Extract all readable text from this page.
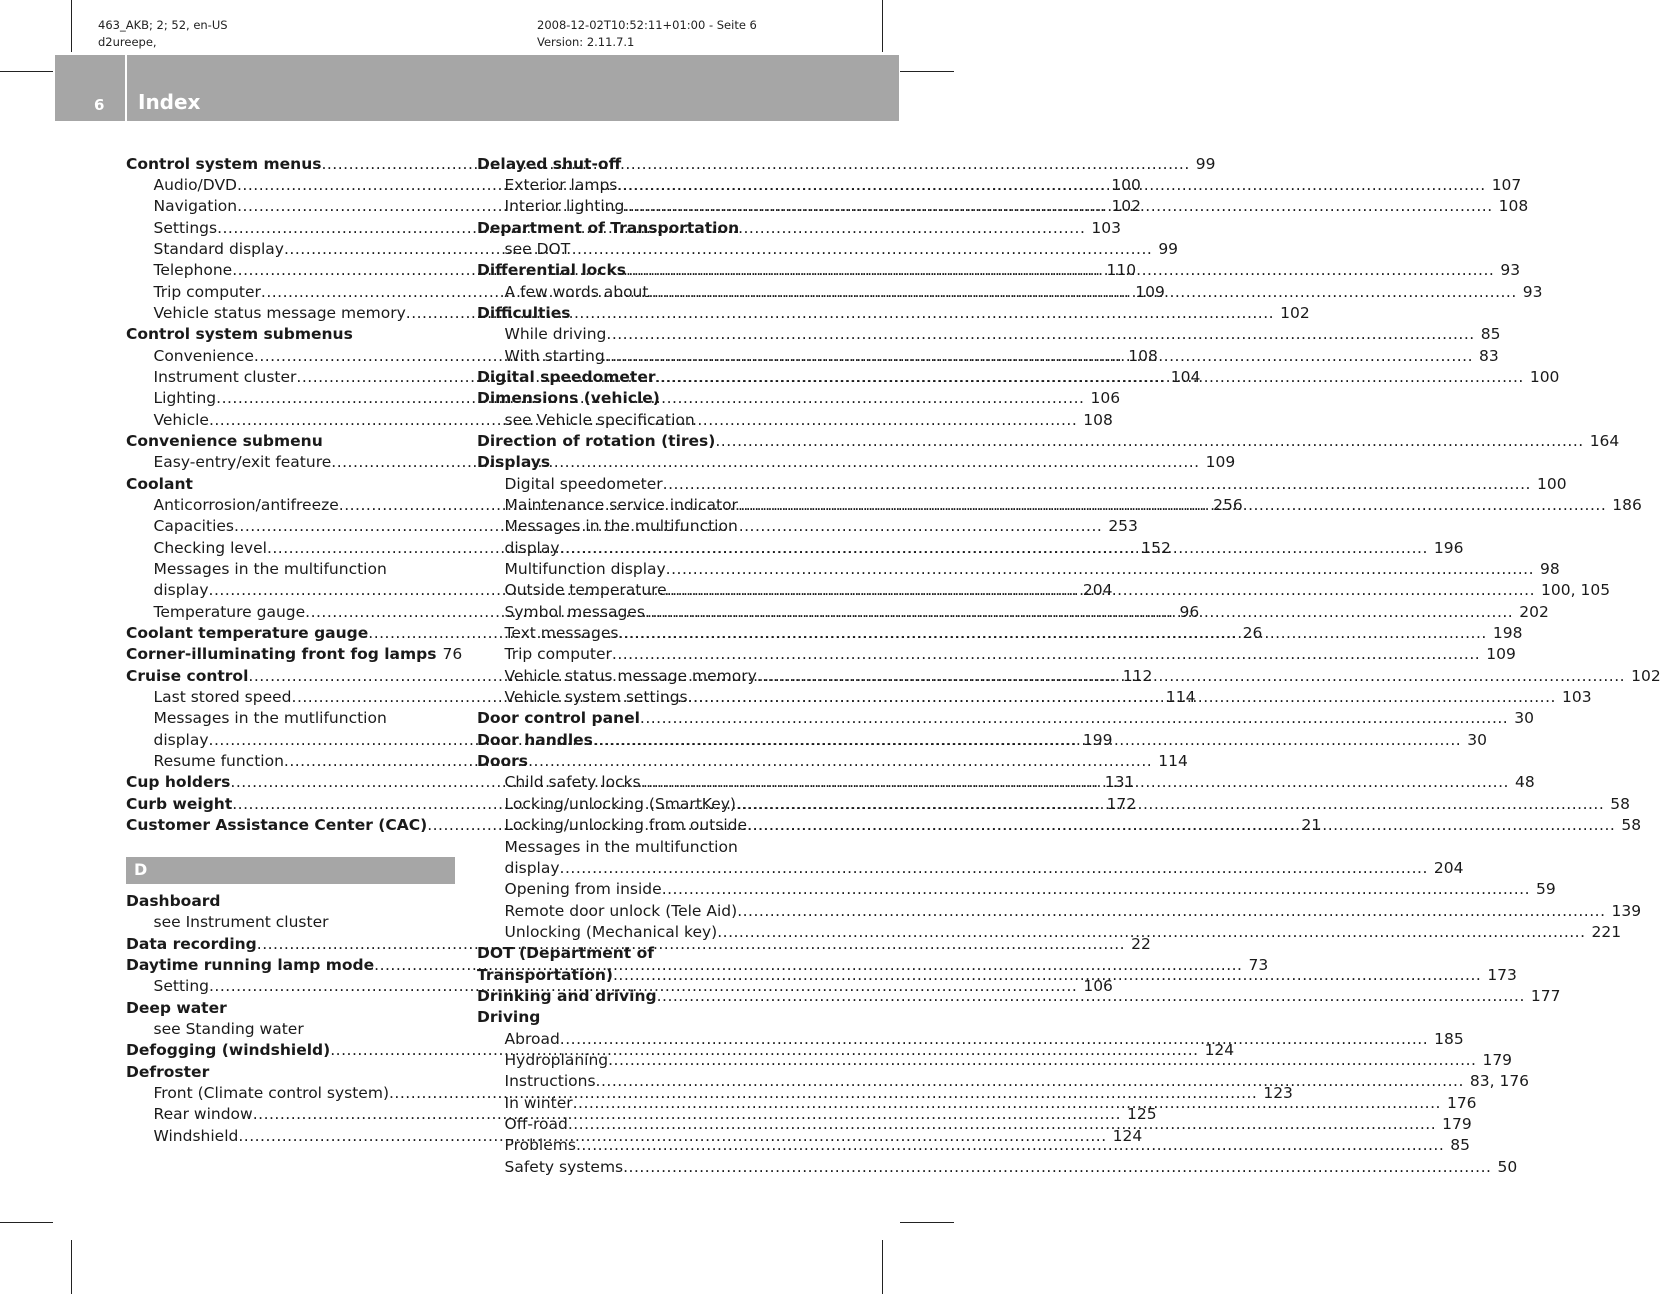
463_AKB; 2; 52, en-US
d2ureepe,
2008-12-02T10:52:11+01:00 - Seite 6
Version: 2.11.7.1
6 Index
Control system menus .....	99
Audio/DVD .....	100
Navigation .....	102
Settings .....	103
Standard display .....	99
Telephone .....	110
Trip computer .....	109
Vehicle status message memory .....	102
Control system submenus
Convenience .....	108
Instrument cluster .....	104
Lighting .....	106
Vehicle .....	108
Convenience submenu
Easy-entry/exit feature .....	109
Coolant
Anticorrosion/antifreeze .....	256
Capacities .....	253
Checking level .....	152
Messages in the multifunction
display .....	204
Temperature gauge .....	96
Coolant temperature gauge .....	26
Corner-illuminating front fog lamps 76
Cruise control .....	112
Last stored speed .....	114
Messages in the mutlifunction
display .....	199
Resume function .....	114
Cup holders .....	131
Curb weight .....	172
Customer Assistance Center (CAC) .....	21
D
Dashboard
see Instrument cluster
Data recording .....	22
Daytime running lamp mode .....	73
Setting .....	106
Deep water
see Standing water
Defogging (windshield) .....	124
Defroster
Front (Climate control system) .....	123
Rear window .....	125
Windshield .....	124
Delayed shut-off
Exterior lamps .....	107
Interior lighting .....	108
Department of Transportation
see DOT
Differential locks .....	93
A few words about .....	93
Difficulties
While driving .....	85
With starting .....	83
Digital speedometer .....	100
Dimensions (vehicle)
see Vehicle specification
Direction of rotation (tires) .....	164
Displays
Digital speedometer .....	100
Maintenance service indicator .....	186
Messages in the multifunction
display .....	196
Multifunction display .....	98
Outside temperature .....	100, 105
Symbol messages .....	202
Text messages .....	198
Trip computer .....	109
Vehicle status message memory .....	102
Vehicle system settings .....	103
Door control panel .....	30
Door handles .....	30
Doors
Child safety locks .....	48
Locking/unlocking (SmartKey) .....	58
Locking/unlocking from outside .....	58
Messages in the multifunction
display .....	204
Opening from inside .....	59
Remote door unlock (Tele Aid) .....	139
Unlocking (Mechanical key) .....	221
DOT (Department of
Transportation) .....	173
Drinking and driving .....	177
Driving
Abroad .....	185
Hydroplaning .....	179
Instructions .....	83, 176
In winter .....	176
Off-road .....	179
Problems .....	85
Safety systems .....	50
